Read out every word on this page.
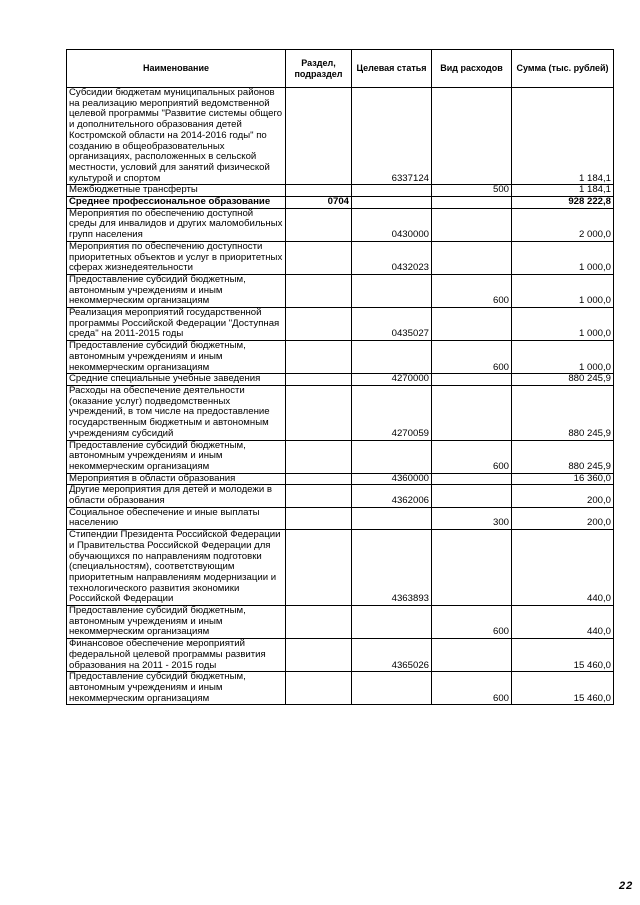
Наименование	Раздел, подраздел	Целевая статья	Вид расходов	Сумма (тыс. рублей)
Субсидии бюджетам муниципальных районов на реализацию мероприятий ведомственной целевой программы "Развитие системы общего и дополнительного образования детей Костромской области на 2014-2016 годы" по созданию в общеобразовательных организациях, расположенных в сельской местности, условий для занятий физической культурой и спортом		6337124		1 184,1
Межбюджетные трансферты			500	1 184,1
Среднее профессиональное образование	0704			928 222,8
Мероприятия по обеспечению доступной среды для инвалидов и других маломобильных групп населения		0430000		2 000,0
Мероприятия по обеспечению доступности приоритетных объектов и услуг в приоритетных сферах жизнедеятельности		0432023		1 000,0
Предоставление субсидий бюджетным, автономным учреждениям и иным некоммерческим организациям			600	1 000,0
Реализация мероприятий государственной программы Российской Федерации "Доступная среда" на 2011-2015 годы		0435027		1 000,0
Предоставление субсидий бюджетным, автономным учреждениям и иным некоммерческим организациям			600	1 000,0
Средние специальные учебные заведения		4270000		880 245,9
Расходы на обеспечение деятельности (оказание услуг) подведомственных учреждений, в том числе на предоставление государственным бюджетным и автономным учреждениям субсидий		4270059		880 245,9
Предоставление субсидий бюджетным, автономным учреждениям и иным некоммерческим организациям			600	880 245,9
Мероприятия в области образования		4360000		16 360,0
Другие мероприятия для детей и молодежи в области образования		4362006		200,0
Социальное обеспечение и иные выплаты населению			300	200,0
Стипендии Президента Российской Федерации и Правительства Российской Федерации для обучающихся по направлениям подготовки (специальностям), соответствующим приоритетным направлениям модернизации и технологического развития экономики Российской Федерации		4363893		440,0
Предоставление субсидий бюджетным, автономным учреждениям и иным некоммерческим организациям			600	440,0
Финансовое обеспечение мероприятий федеральной целевой программы развития образования на 2011 - 2015 годы		4365026		15 460,0
Предоставление субсидий бюджетным, автономным учреждениям и иным некоммерческим организациям			600	15 460,0
22
